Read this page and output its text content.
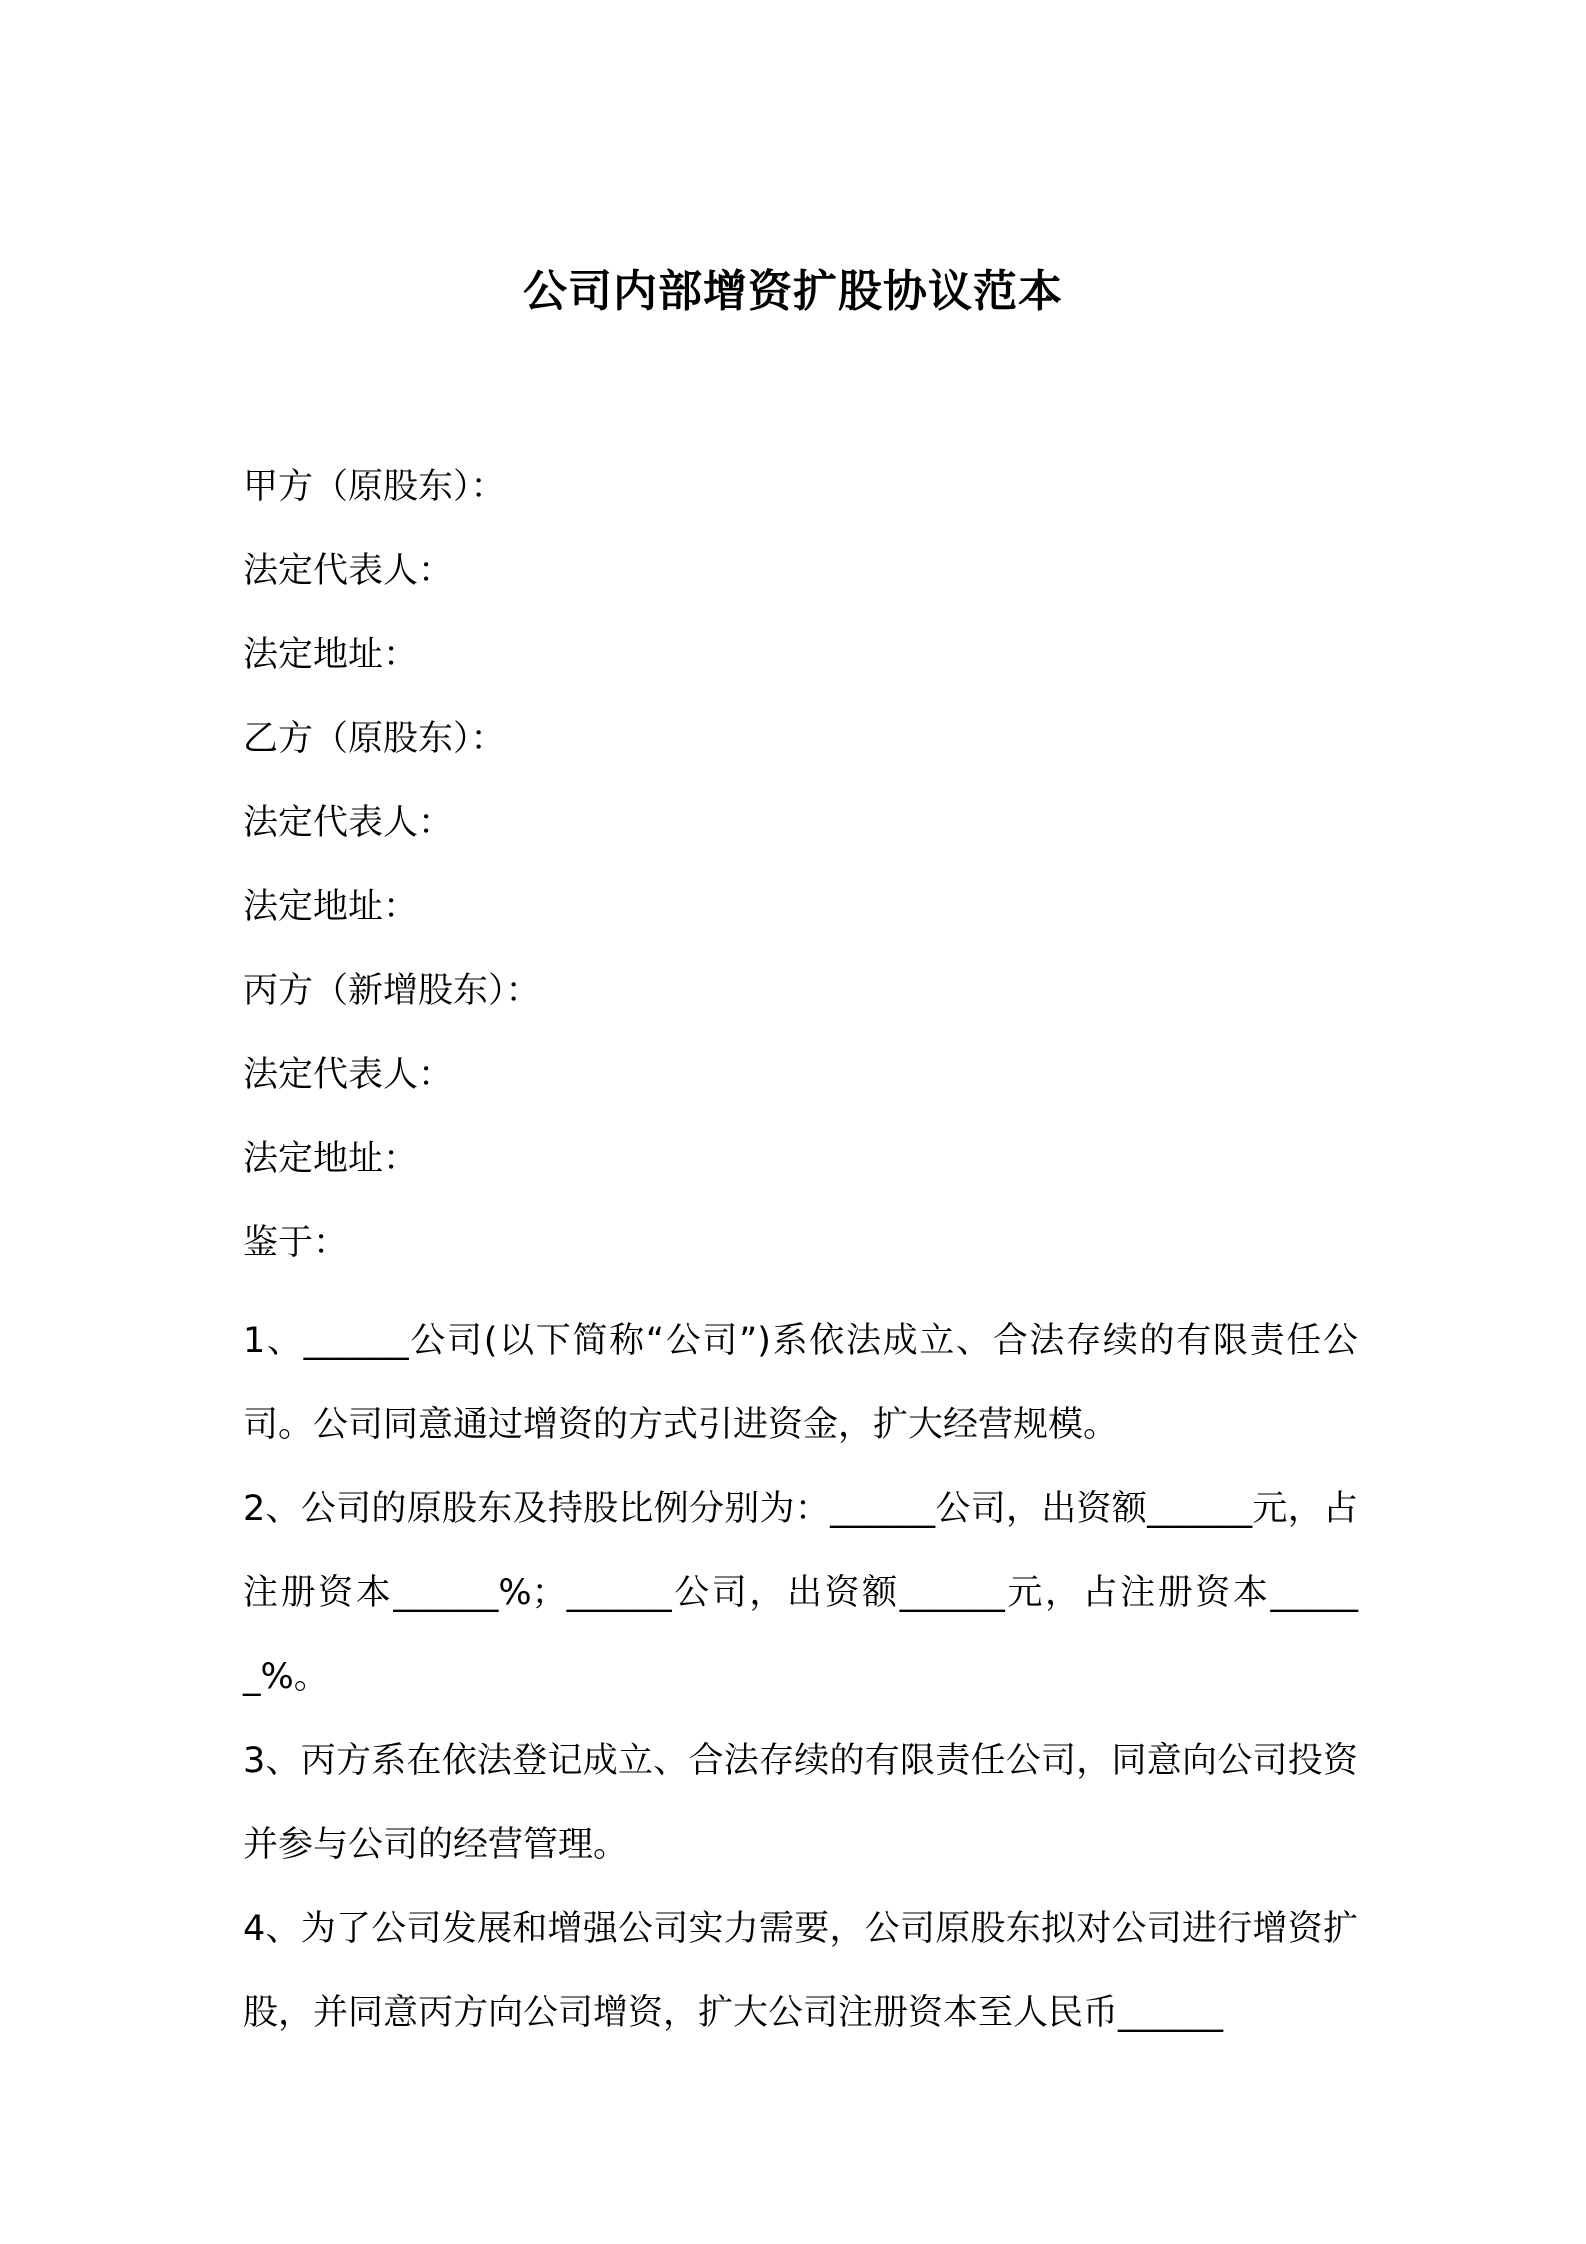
公司内部增资扩股协议范本
甲方（原股东）：
法定代表人：
法定地址：
乙方（原股东）：
法定代表人：
法定地址：
丙方（新增股东）：
法定代表人：
法定地址：
鉴于：
1、______公司(以下简称“公司”)系依法成立、合法存续的有限责任公司。公司同意通过增资的方式引进资金，扩大经营规模。
2、公司的原股东及持股比例分别为：______公司，出资额______元，占注册资本______%；______公司，出资额______元，占注册资本______%。
3、丙方系在依法登记成立、合法存续的有限责任公司，同意向公司投资并参与公司的经营管理。
4、为了公司发展和增强公司实力需要，公司原股东拟对公司进行增资扩股，并同意丙方向公司增资，扩大公司注册资本至人民币______
